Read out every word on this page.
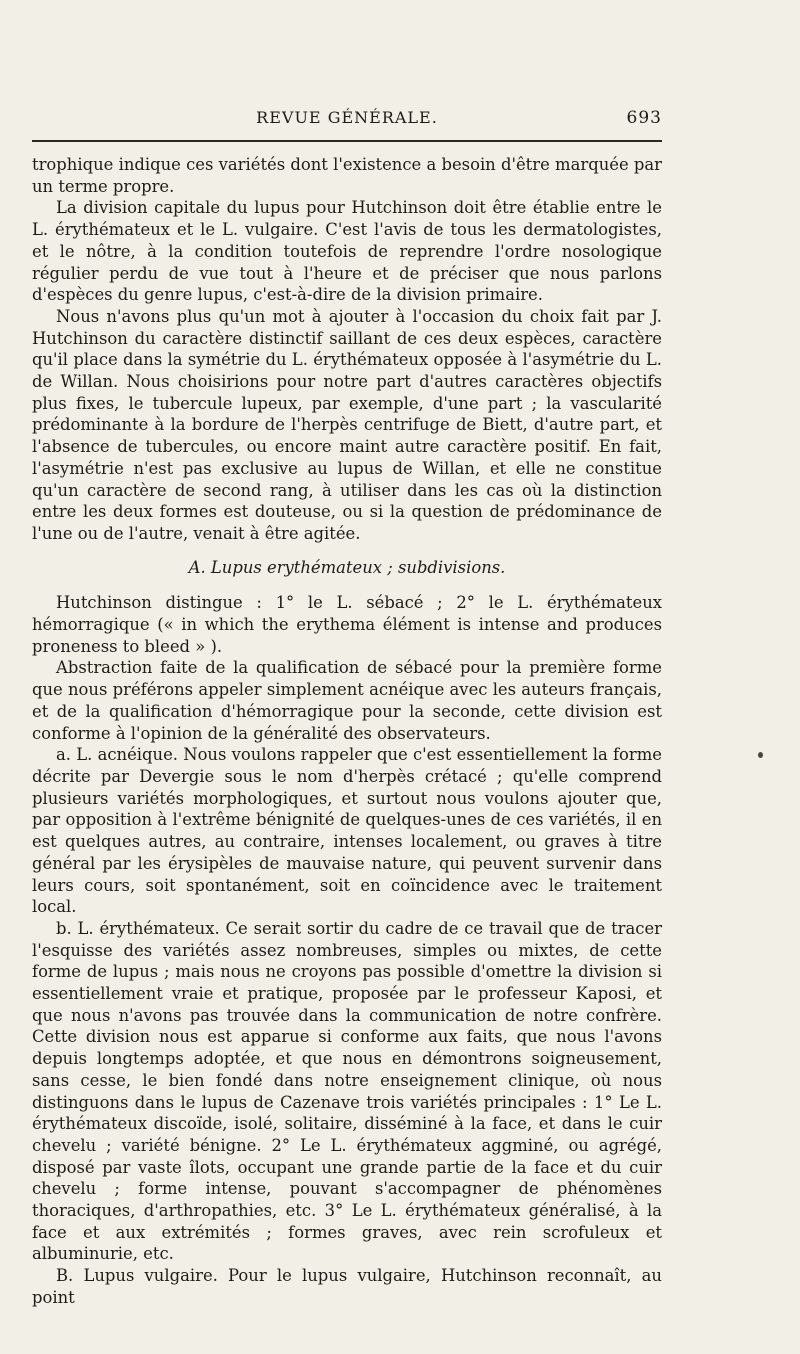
REVUE GÉNÉRALE.	693

trophique indique ces variétés dont l'existence a besoin d'être marquée par un terme propre.

La division capitale du lupus pour Hutchinson doit être établie entre le L. érythémateux et le L. vulgaire. C'est l'avis de tous les dermatologistes, et le nôtre, à la condition toutefois de reprendre l'ordre nosologique régulier perdu de vue tout à l'heure et de préciser que nous parlons d'espèces du genre lupus, c'est-à-dire de la division primaire.

Nous n'avons plus qu'un mot à ajouter à l'occasion du choix fait par J. Hutchinson du caractère distinctif saillant de ces deux espèces, caractère qu'il place dans la symétrie du L. érythémateux opposée à l'asymétrie du L. de Willan. Nous choisirions pour notre part d'autres caractères objectifs plus fixes, le tubercule lupeux, par exemple, d'une part ; la vascularité prédominante à la bordure de l'herpès centrifuge de Biett, d'autre part, et l'absence de tubercules, ou encore maint autre caractère positif. En fait, l'asymétrie n'est pas exclusive au lupus de Willan, et elle ne constitue qu'un caractère de second rang, à utiliser dans les cas où la distinction entre les deux formes est douteuse, ou si la question de prédominance de l'une ou de l'autre, venait à être agitée.

A. Lupus erythémateux ; subdivisions.

Hutchinson distingue : 1° le L. sébacé ; 2° le L. érythémateux hémorragique (« in which the erythema élément is intense and produces proneness to bleed » ).

Abstraction faite de la qualification de sébacé pour la première forme que nous préférons appeler simplement acnéique avec les auteurs français, et de la qualification d'hémorragique pour la seconde, cette division est conforme à l'opinion de la généralité des observateurs.

a. L. acnéique. Nous voulons rappeler que c'est essentiellement la forme décrite par Devergie sous le nom d'herpès crétacé ; qu'elle comprend plusieurs variétés morphologiques, et surtout nous voulons ajouter que, par opposition à l'extrême bénignité de quelques-unes de ces variétés, il en est quelques autres, au contraire, intenses localement, ou graves à titre général par les érysipèles de mauvaise nature, qui peuvent survenir dans leurs cours, soit spontanément, soit en coïncidence avec le traitement local.

b. L. érythémateux. Ce serait sortir du cadre de ce travail que de tracer l'esquisse des variétés assez nombreuses, simples ou mixtes, de cette forme de lupus ; mais nous ne croyons pas possible d'omettre la division si essentiellement vraie et pratique, proposée par le professeur Kaposi, et que nous n'avons pas trouvée dans la communication de notre confrère. Cette division nous est apparue si conforme aux faits, que nous l'avons depuis longtemps adoptée, et que nous en démontrons soigneusement, sans cesse, le bien fondé dans notre enseignement clinique, où nous distinguons dans le lupus de Cazenave trois variétés principales : 1° Le L. érythémateux discoïde, isolé, solitaire, disséminé à la face, et dans le cuir chevelu ; variété bénigne. 2° Le L. érythémateux aggminé, ou agrégé, disposé par vaste îlots, occupant une grande partie de la face et du cuir chevelu ; forme intense, pouvant s'accompagner de phénomènes thoraciques, d'arthropathies, etc. 3° Le L. érythémateux généralisé, à la face et aux extrémités ; formes graves, avec rein scrofuleux et albuminurie, etc.

B. Lupus vulgaire. Pour le lupus vulgaire, Hutchinson reconnaît, au point
